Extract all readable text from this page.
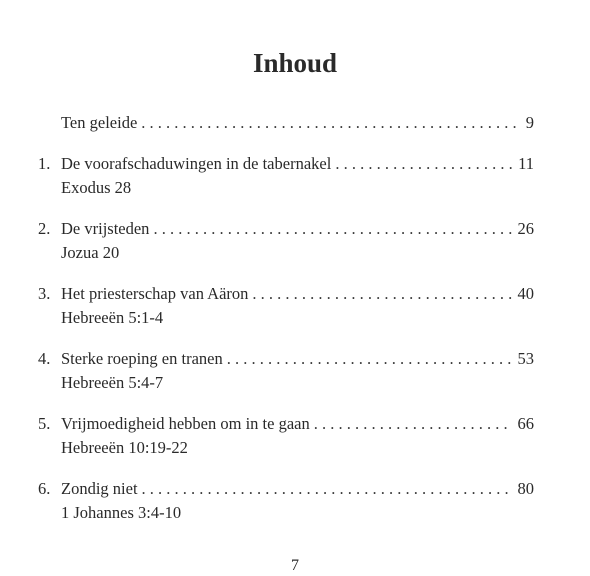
Inhoud
Ten geleide . . .	9
1. De voorafschaduwingen in de tabernakel . . .	11
Exodus 28
2. De vrijsteden . . .	26
Jozua 20
3. Het priesterschap van Aäron . . .	40
Hebreeën 5:1-4
4. Sterke roeping en tranen . . .	53
Hebreeën 5:4-7
5. Vrijmoedigheid hebben om in te gaan . . .	66
Hebreeën 10:19-22
6. Zondig niet . . .	80
1 Johannes 3:4-10
7
